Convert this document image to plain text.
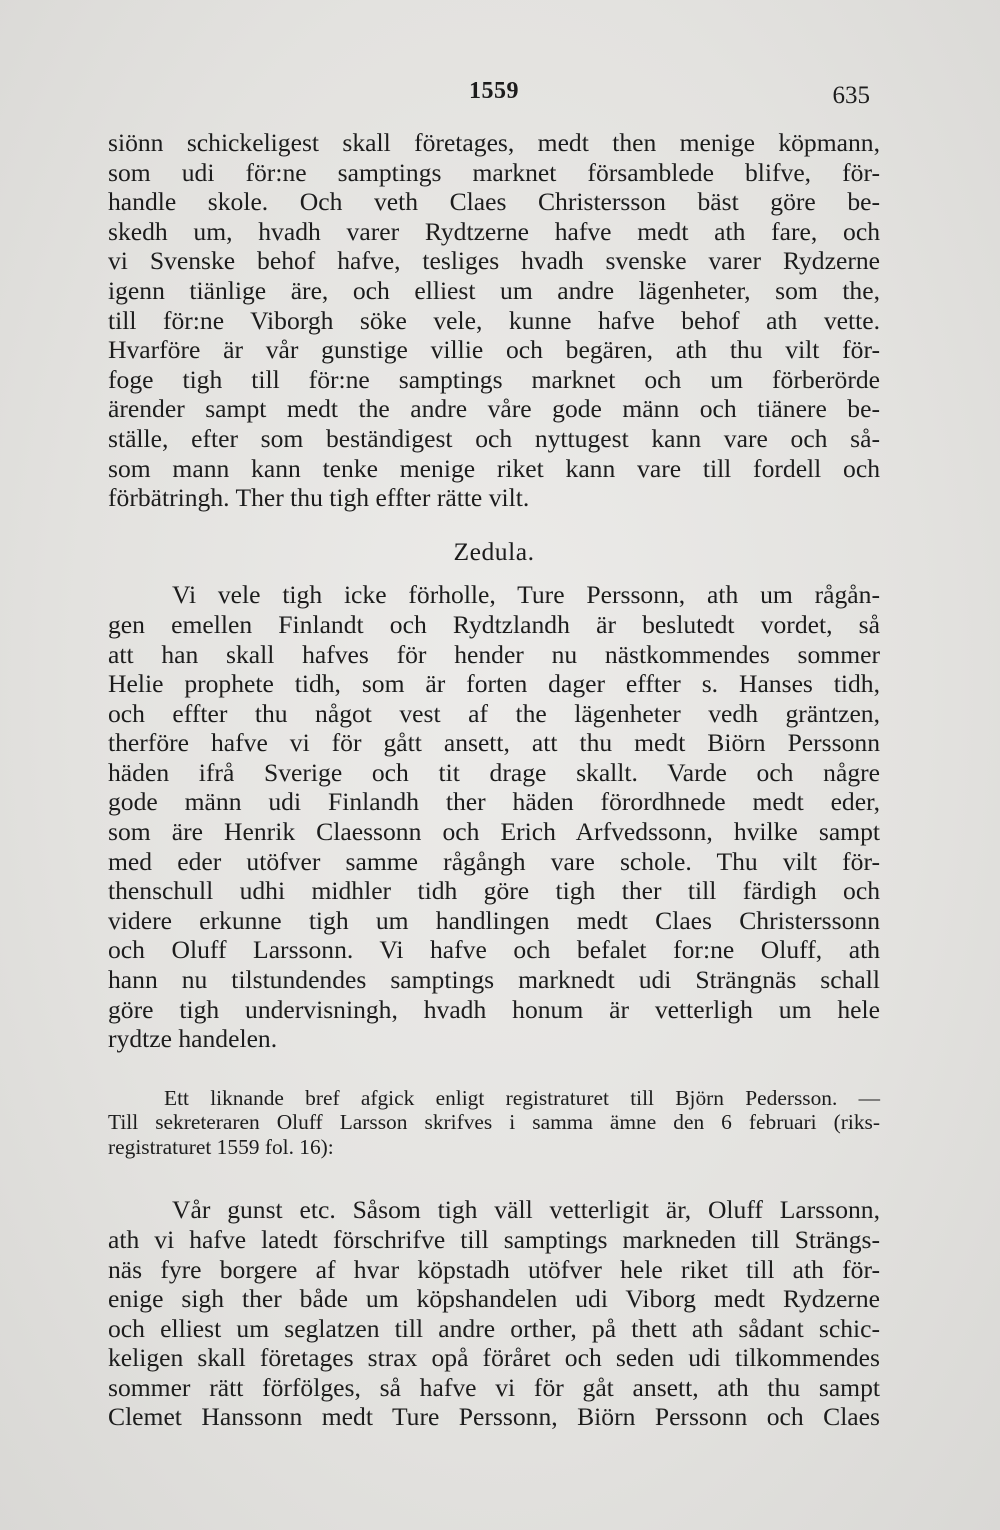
1559	635
siönn schickeligest skall företages, medt then menige köpmann,
som udi för:ne samptings marknet församblede blifve, för-
handle skole. Och veth Claes Christersson bäst göre be-
skedh um, hvadh varer Rydtzerne hafve medt ath fare, och
vi Svenske behof hafve, tesliges hvadh svenske varer Rydzerne
igenn tiänlige äre, och elliest um andre lägenheter, som the,
till för:ne Viborgh söke vele, kunne hafve behof ath vette.
Hvarföre är vår gunstige villie och begären, ath thu vilt för-
foge tigh till för:ne samptings marknet och um förberörde
ärender sampt medt the andre våre gode männ och tiänere be-
ställe, efter som beständigest och nyttugest kann vare och så-
som mann kann tenke menige riket kann vare till fordell och
förbätringh. Ther thu tigh effter rätte vilt.
Zedula.
Vi vele tigh icke förholle, Ture Perssonn, ath um rågån-
gen emellen Finlandt och Rydtzlandh är beslutedt vordet, så
att han skall hafves för hender nu nästkommendes sommer
Helie prophete tidh, som är forten dager effter s. Hanses tidh,
och effter thu något vest af the lägenheter vedh gräntzen,
therföre hafve vi för gått ansett, att thu medt Biörn Perssonn
häden ifrå Sverige och tit drage skallt. Varde och någre
gode männ udi Finlandh ther häden förordhnede medt eder,
som äre Henrik Claessonn och Erich Arfvedssonn, hvilke sampt
med eder utöfver samme rågångh vare schole. Thu vilt för-
thenschull udhi midhler tidh göre tigh ther till färdigh och
videre erkunne tigh um handlingen medt Claes Christerssonn
och Oluff Larssonn. Vi hafve och befalet for:ne Oluff, ath
hann nu tilstundendes samptings marknedt udi Strängnäs schall
göre tigh undervisningh, hvadh honum är vetterligh um hele
rydtze handelen.
Ett liknande bref afgick enligt registraturet till Björn Pedersson. —
Till sekreteraren Oluff Larsson skrifves i samma ämne den 6 februari (riks-
registraturet 1559 fol. 16):
Vår gunst etc. Såsom tigh väll vetterligit är, Oluff Larssonn,
ath vi hafve latedt förschrifve till samptings markneden till Strängs-
näs fyre borgere af hvar köpstadh utöfver hele riket till ath för-
enige sigh ther både um köpshandelen udi Viborg medt Rydzerne
och elliest um seglatzen till andre orther, på thett ath sådant schic-
keligen skall företages strax opå föråret och seden udi tilkommendes
sommer rätt förfölges, så hafve vi för gåt ansett, ath thu sampt
Clemet Hanssonn medt Ture Perssonn, Biörn Perssonn och Claes
